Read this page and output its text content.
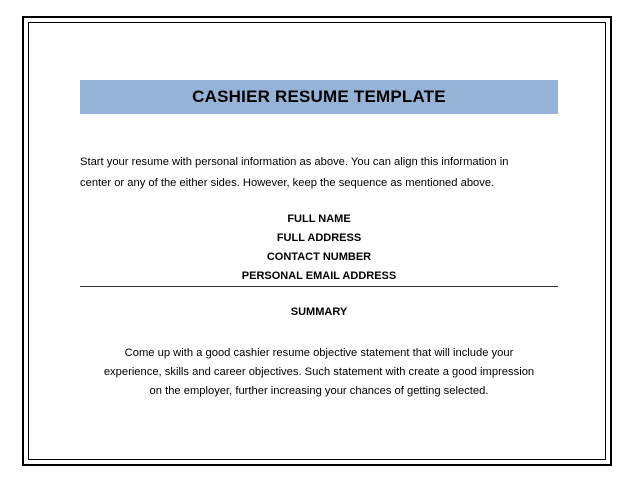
CASHIER RESUME TEMPLATE
Start your resume with personal information as above. You can align this information in
center or any of the either sides. However, keep the sequence as mentioned above.
FULL NAME
FULL ADDRESS
CONTACT NUMBER
PERSONAL EMAIL ADDRESS
SUMMARY
Come up with a good cashier resume objective statement that will include your
experience, skills and career objectives. Such statement with create a good impression
on the employer, further increasing your chances of getting selected.
